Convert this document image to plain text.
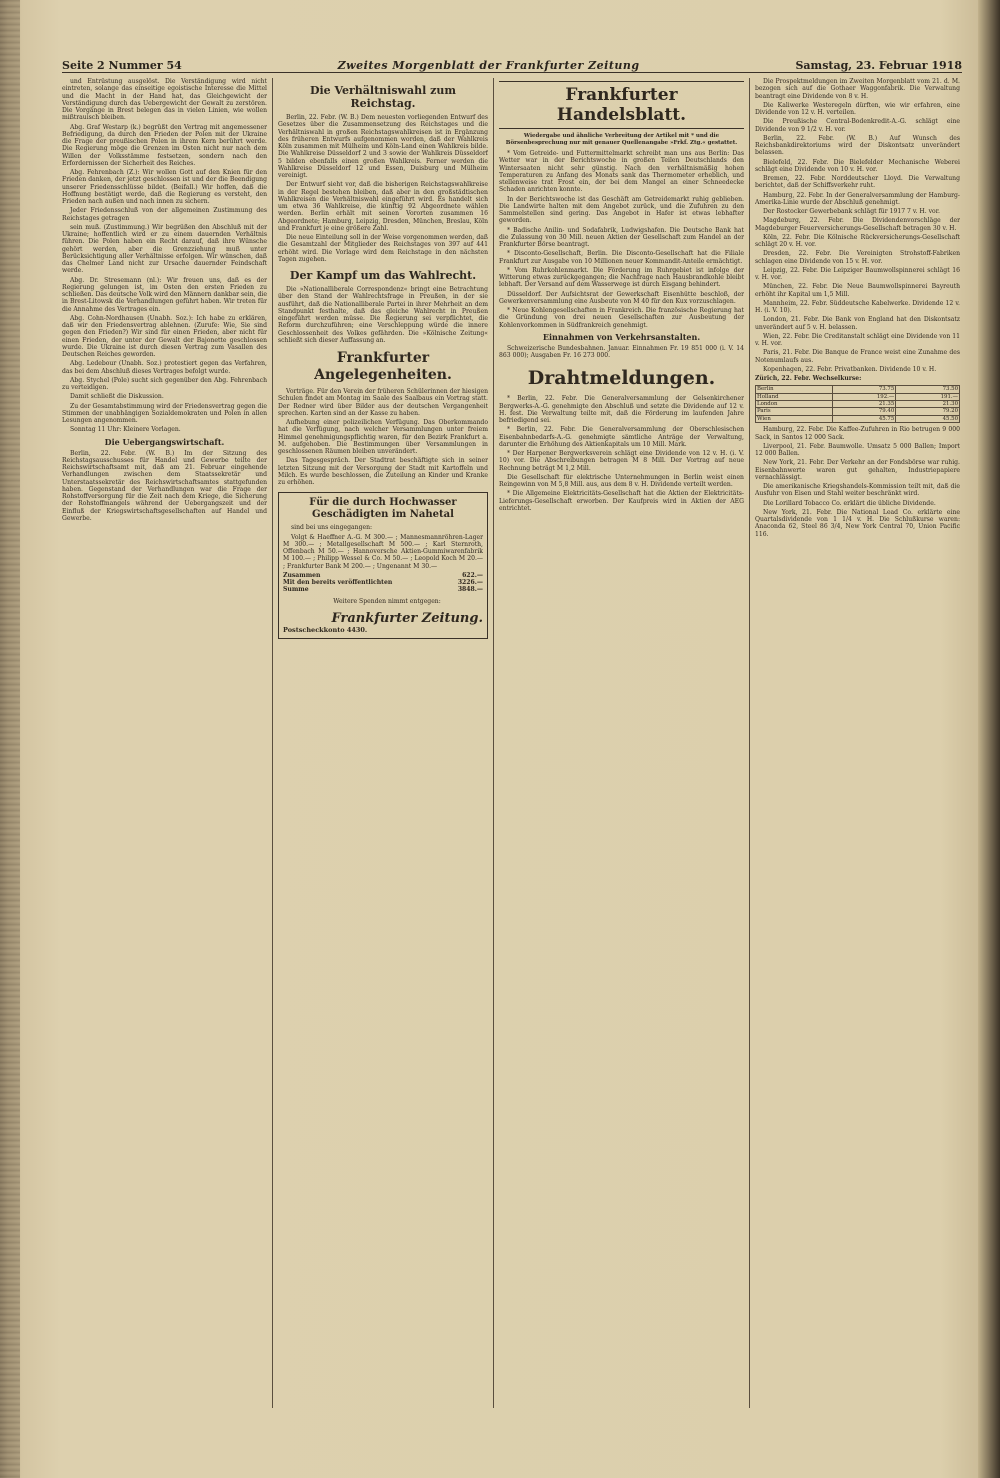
Seite 2 Nummer 54	Zweites Morgenblatt der Frankfurter Zeitung	Samstag, 23. Februar 1918

und Entrüstung ausgelöst. Die Verständigung wird nicht eintreten, solange das einseitige egoistische Interesse die Mittel und die Macht in der Hand hat, das Gleichgewicht der Verständigung durch das Uebergewicht der Gewalt zu zerstören. Die Vorgänge in Brest belegen das in vielen Linien, wie wollen mißtrauisch bleiben.

Abg. Graf Westarp (k.) begrüßt den Vertrag mit angemessener Befriedigung, da durch den Frieden der Polen mit der Ukraine die Frage der preußischen Polen in ihrem Kern berührt werde. Die Regierung möge die Grenzen im Osten nicht nur nach dem Willen der Volksstämme festsetzen, sondern nach den Erfordernissen der Sicherheit des Reiches.

Abg. Fehrenbach (Z.): Wir wollen Gott auf den Knien für den Frieden danken, der jetzt geschlossen ist und der die Beendigung unserer Friedensschlüsse bildet. (Beifall.) Wir hoffen, daß die Hoffnung bestätigt werde, daß die Regierung es versteht, den Frieden nach außen und nach innen zu sichern.

Jeder Friedensschluß von der allgemeinen Zustimmung des Reichstages getragen

sein muß. (Zustimmung.) Wir begrüßen den Abschluß mit der Ukraine; hoffentlich wird er zu einem dauernden Verhältnis führen. Die Polen haben ein Recht darauf, daß ihre Wünsche gehört werden, aber die Grenzziehung muß unter Berücksichtigung aller Verhältnisse erfolgen. Wir wünschen, daß das Chelmer Land nicht zur Ursache dauernder Feindschaft werde.

Abg. Dr. Stresemann (nl.): Wir freuen uns, daß es der Regierung gelungen ist, im Osten den ersten Frieden zu schließen. Das deutsche Volk wird den Männern dankbar sein, die in Brest-Litowsk die Verhandlungen geführt haben. Wir treten für die Annahme des Vertrages ein.

Abg. Cohn-Nordhausen (Unabh. Soz.): Ich habe zu erklären, daß wir den Friedensvertrag ablehnen. (Zurufe: Wie, Sie sind gegen den Frieden?) Wir sind für einen Frieden, aber nicht für einen Frieden, der unter der Gewalt der Bajonette geschlossen wurde. Die Ukraine ist durch diesen Vertrag zum Vasallen des Deutschen Reiches geworden.

Abg. Ledebour (Unabh. Soz.) protestiert gegen das Verfahren, das bei dem Abschluß dieses Vertrages befolgt wurde.

Abg. Stychel (Pole) sucht sich gegenüber den Abg. Fehrenbach zu verteidigen.

Damit schließt die Diskussion.

Zu der Gesamtabstimmung wird der Friedensvertrag gegen die Stimmen der unabhängigen Sozialdemokraten und Polen in allen Lesungen angenommen.

Sonntag 11 Uhr: Kleinere Vorlagen.

Die Uebergangswirtschaft.

Berlin, 22. Febr. (W. B.) Im der Sitzung des Reichstagsausschusses für Handel und Gewerbe teilte der Reichswirtschaftsamt mit, daß am 21. Februar eingehende Verhandlungen zwischen dem Staatssekretär und Unterstaatssekretär des Reichswirtschaftsamtes stattgefunden haben. Gegenstand der Verhandlungen war die Frage der Rohstoffversorgung für die Zeit nach dem Kriege, die Sicherung der Rohstoffmangels während der Uebergangszeit und der Einfluß der Kriegswirtschaftsgesellschaften auf Handel und Gewerbe.

Die Verhältniswahl zum Reichstag.

Berlin, 22. Febr. (W. B.) Dem neuesten vorliegenden Entwurf des Gesetzes über die Zusammensetzung des Reichstages und die Verhältniswahl in großen Reichstagswahlkreisen ist in Ergänzung des früheren Entwurfs aufgenommen worden, daß der Wahlkreis Köln zusammen mit Mülheim und Köln-Land einen Wahlkreis bilde. Die Wahlkreise Düsseldorf 2 und 3 sowie der Wahlkreis Düsseldorf 5 bilden ebenfalls einen großen Wahlkreis. Ferner werden die Wahlkreise Düsseldorf 12 und Essen, Duisburg und Mülheim vereinigt.

Der Entwurf sieht vor, daß die bisherigen Reichstagswahlkreise in der Regel bestehen bleiben, daß aber in den großstädtischen Wahlkreisen die Verhältniswahl eingeführt wird. Es handelt sich um etwa 36 Wahlkreise, die künftig 92 Abgeordnete wählen werden. Berlin erhält mit seinen Vororten zusammen 16 Abgeordnete; Hamburg, Leipzig, Dresden, München, Breslau, Köln und Frankfurt je eine größere Zahl.

Die neue Einteilung soll in der Weise vorgenommen werden, daß die Gesamtzahl der Mitglieder des Reichstages von 397 auf 441 erhöht wird. Die Vorlage wird dem Reichstage in den nächsten Tagen zugehen.

Der Kampf um das Wahlrecht.

Die »Nationalliberale Correspondenz« bringt eine Betrachtung über den Stand der Wahlrechtsfrage in Preußen, in der sie ausführt, daß die Nationalliberale Partei in ihrer Mehrheit an dem Standpunkt festhalte, daß das gleiche Wahlrecht in Preußen eingeführt werden müsse. Die Regierung sei verpflichtet, die Reform durchzuführen; eine Verschleppung würde die innere Geschlossenheit des Volkes gefährden. Die »Kölnische Zeitung« schließt sich dieser Auffassung an.

Frankfurter Angelegenheiten.

Vorträge. Für den Verein der früheren Schülerinnen der hiesigen Schulen findet am Montag im Saale des Saalbaus ein Vortrag statt. Der Redner wird über Bilder aus der deutschen Vergangenheit sprechen. Karten sind an der Kasse zu haben.

Aufhebung einer polizeilichen Verfügung. Das Oberkommando hat die Verfügung, nach welcher Versammlungen unter freiem Himmel genehmigungspflichtig waren, für den Bezirk Frankfurt a. M. aufgehoben. Die Bestimmungen über Versammlungen in geschlossenen Räumen bleiben unverändert.

Das Tagesgespräch. Der Stadtrat beschäftigte sich in seiner letzten Sitzung mit der Versorgung der Stadt mit Kartoffeln und Milch. Es wurde beschlossen, die Zuteilung an Kinder und Kranke zu erhöhen.

Für die durch Hochwasser Geschädigten im Nahetal

sind bei uns eingegangen:

Volgt & Haeffner A.-G. M 300.— ; Mannesmannröhren-Lager M 300.— ; Metallgesellschaft M 500.— ; Karl Sternroth, Offenbach M 50.— ; Hannoversche Aktien-Gummiwarenfabrik M 100.— ; Philipp Wessel & Co. M 50.— ; Leopold Koch M 20.— ; Frankfurter Bank M 200.— ; Ungenannt M 30.—

Zusammen	622.—
Mit den bereits veröffentlichten	3226.—
Summe	3848.—

Weitere Spenden nimmt entgegen:

Frankfurter Zeitung.
Postscheckkonto 4430.
Frankfurter Handelsblatt.
Wiedergabe und ähnliche Verbreitung der Artikel mit * und die Börsenbesprechung nur mit genauer Quellenangabe »Frkf. Ztg.« gestattet.

* Vom Getreide- und Futtermittelmarkt schreibt man uns aus Berlin: Das Wetter war in der Berichtswoche in großen Teilen Deutschlands den Wintersaaten nicht sehr günstig. Nach den verhältnismäßig hohen Temperaturen zu Anfang des Monats sank das Thermometer erheblich, und stellenweise trat Frost ein, der bei dem Mangel an einer Schneedecke Schaden anrichten konnte.

In der Berichtswoche ist das Geschäft am Getreidemarkt ruhig geblieben. Die Landwirte halten mit dem Angebot zurück, und die Zufuhren zu den Sammelstellen sind gering. Das Angebot in Hafer ist etwas lebhafter geworden.

* Badische Anilin- und Sodafabrik, Ludwigshafen. Die Deutsche Bank hat die Zulassung von 30 Mill. neuen Aktien der Gesellschaft zum Handel an der Frankfurter Börse beantragt.

* Disconto-Gesellschaft, Berlin. Die Disconto-Gesellschaft hat die Filiale Frankfurt zur Ausgabe von 10 Millionen neuer Kommandit-Anteile ermächtigt.

* Vom Ruhrkohlenmarkt. Die Förderung im Ruhrgebiet ist infolge der Witterung etwas zurückgegangen; die Nachfrage nach Hausbrandkohle bleibt lebhaft. Der Versand auf dem Wasserwege ist durch Eisgang behindert.

Düsseldorf. Der Aufsichtsrat der Gewerkschaft Eisenhütte beschloß, der Gewerkenversammlung eine Ausbeute von M 40 für den Kux vorzuschlagen.

* Neue Kohlengesellschaften in Frankreich. Die französische Regierung hat die Gründung von drei neuen Gesellschaften zur Ausbeutung der Kohlenvorkommen in Südfrankreich genehmigt.

Einnahmen von Verkehrsanstalten.

Schweizerische Bundesbahnen. Januar. Einnahmen Fr. 19 851 000 (i. V. 14 863 000); Ausgaben Fr. 16 273 000.

Drahtmeldungen.

* Berlin, 22. Febr. Die Generalversammlung der Gelsenkirchener Bergwerks-A.-G. genehmigte den Abschluß und setzte die Dividende auf 12 v. H. fest. Die Verwaltung teilte mit, daß die Förderung im laufenden Jahre befriedigend sei.

* Berlin, 22. Febr. Die Generalversammlung der Oberschlesischen Eisenbahnbedarfs-A.-G. genehmigte sämtliche Anträge der Verwaltung, darunter die Erhöhung des Aktienkapitals um 10 Mill. Mark.

* Der Harpener Bergwerksverein schlägt eine Dividende von 12 v. H. (i. V. 10) vor. Die Abschreibungen betragen M 8 Mill. Der Vortrag auf neue Rechnung beträgt M 1,2 Mill.

Die Gesellschaft für elektrische Unternehmungen in Berlin weist einen Reingewinn von M 5,8 Mill. aus, aus dem 8 v. H. Dividende verteilt werden.

* Die Allgemeine Elektricitäts-Gesellschaft hat die Aktien der Elektricitäts-Lieferungs-Gesellschaft erworben. Der Kaufpreis wird in Aktien der AEG entrichtet.

Die Prospektmeldungen im Zweiten Morgenblatt vom 21. d. M. bezogen sich auf die Gothaer Waggonfabrik. Die Verwaltung beantragt eine Dividende von 8 v. H.

Die Kaliwerke Westeregeln dürften, wie wir erfahren, eine Dividende von 12 v. H. verteilen.

Die Preußische Central-Bodenkredit-A.-G. schlägt eine Dividende von 9 1/2 v. H. vor.

Berlin, 22. Febr. (W. B.) Auf Wunsch des Reichsbankdirektoriums wird der Diskontsatz unverändert belassen.

Bielefeld, 22. Febr. Die Bielefelder Mechanische Weberei schlägt eine Dividende von 10 v. H. vor.

Bremen, 22. Febr. Norddeutscher Lloyd. Die Verwaltung berichtet, daß der Schiffsverkehr ruht.

Hamburg, 22. Febr. In der Generalversammlung der Hamburg-Amerika-Linie wurde der Abschluß genehmigt.

Der Rostocker Gewerbebank schlägt für 1917 7 v. H. vor.

Magdeburg, 22. Febr. Die Dividendenvorschläge der Magdeburger Feuerversicherungs-Gesellschaft betragen 30 v. H.

Köln, 22. Febr. Die Kölnische Rückversicherungs-Gesellschaft schlägt 20 v. H. vor.

Dresden, 22. Febr. Die Vereinigten Strohstoff-Fabriken schlagen eine Dividende von 15 v. H. vor.

Leipzig, 22. Febr. Die Leipziger Baumwollspinnerei schlägt 16 v. H. vor.

München, 22. Febr. Die Neue Baumwollspinnerei Bayreuth erhöht ihr Kapital um 1,5 Mill.

Mannheim, 22. Febr. Süddeutsche Kabelwerke. Dividende 12 v. H. (i. V. 10).

London, 21. Febr. Die Bank von England hat den Diskontsatz unverändert auf 5 v. H. belassen.

Wien, 22. Febr. Die Creditanstalt schlägt eine Dividende von 11 v. H. vor.

Paris, 21. Febr. Die Banque de France weist eine Zunahme des Notenumlaufs aus.

Kopenhagen, 22. Febr. Privatbanken. Dividende 10 v. H.

Zürich, 22. Febr. Wechselkurse:
Berlin	73.75	73.50
Holland	192.—	191.—
London	21.35	21.30
Paris	79.40	79.20
Wien	45.75	45.50

Hamburg, 22. Febr. Die Kaffee-Zufuhren in Rio betrugen 9 000 Sack, in Santos 12 000 Sack.

Liverpool, 21. Febr. Baumwolle. Umsatz 5 000 Ballen; Import 12 000 Ballen.

New York, 21. Febr. Der Verkehr an der Fondsbörse war ruhig. Eisenbahnwerte waren gut gehalten, Industriepapiere vernachlässigt.

Die amerikanische Kriegshandels-Kommission teilt mit, daß die Ausfuhr von Eisen und Stahl weiter beschränkt wird.

Die Lorillard Tobacco Co. erklärt die übliche Dividende.

New York, 21. Febr. Die National Lead Co. erklärte eine Quartalsdividende von 1 1/4 v. H. Die Schlußkurse waren: Anaconda 62, Steel 86 3/4, New York Central 70, Union Pacific 116.
